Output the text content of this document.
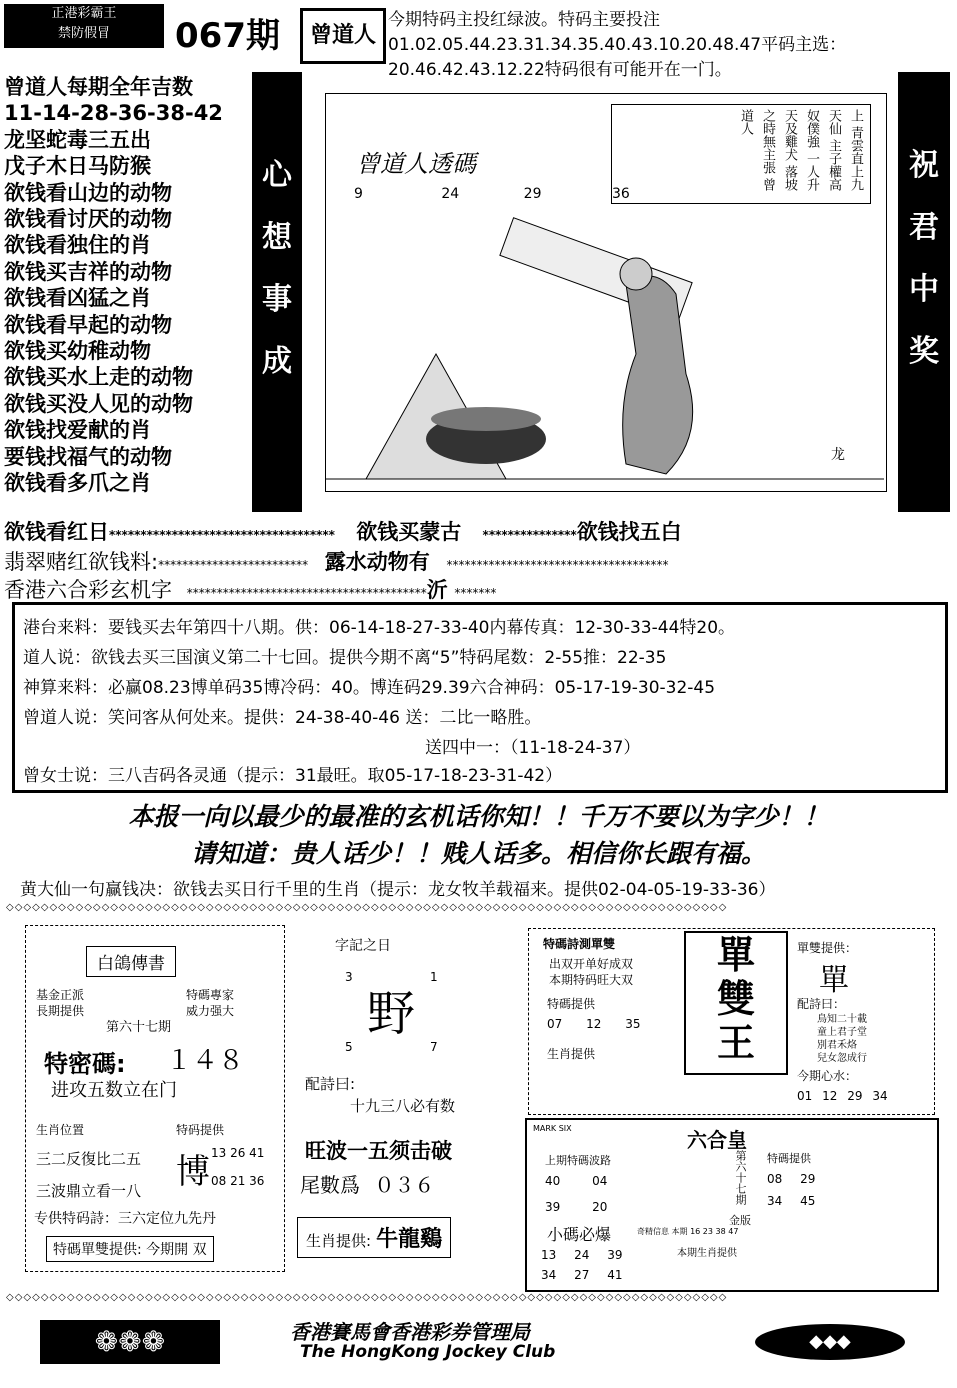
正港彩霸王
禁防假冒	067期	曾道人
今期特码主投红绿波。特码主要投注01.02.05.44.23.31.34.35.40.43.10.20.48.47平码主选：20.46.42.43.12.22特码很有可能开在一门。
曾道人每期全年吉数
11-14-28-36-38-42
龙坚蛇毒三五出
戊子木日马防猴
欲钱看山边的动物
欲钱看讨厌的动物
欲钱看独住的肖
欲钱买吉祥的动物
欲钱看凶猛之肖
欲钱看早起的动物
欲钱买幼稚动物
欲钱买水上走的动物
欲钱买没人见的动物
欲钱找爱献的肖
要钱找福气的动物
欲钱看多爪之肖
心
想
事
成
祝
君
中
奖
曾道人透碼
9	24	29	36
上 青雲直上九天仙 主子權高奴僕強 一人升天及雞犬 落坡之時無主張 曾道人
龙
欲钱看红日************************************ 欲钱买蒙古 ***************欲钱找五白
翡翠赌红欲钱料:************************* 露水动物有 *************************************
香港六合彩玄机字 ****************************************沂 *******
港台来料：要钱买去年第四十八期。供：06-14-18-27-33-40内幕传真：12-30-33-44特20。
道人说：欲钱去买三国演义第二十七回。提供今期不离“5”特码尾数：2-55推：22-35
神算来料：必赢08.23博单码35博冷码：40。博连码29.39六合神码：05-17-19-30-32-45
曾道人说：笑问客从何处来。提供：24-38-40-46 送：二比一略胜。
送四中一：（11-18-24-37）
曾女士说：三八吉码各灵通（提示：31最旺。取05-17-18-23-31-42）
本报一向以最少的最准的玄机话你知！！千万不要以为字少！！
请知道：贵人话少！！贱人话多。相信你长跟有福。
黄大仙一句赢钱决：欲钱去买日行千里的生肖（提示：龙女牧羊载福来。提供02-04-05-19-33-36）
◇◇◇◇◇◇◇◇◇◇◇◇◇◇◇◇◇◇◇◇◇◇◇◇◇◇◇◇◇◇◇◇◇◇◇◇◇◇◇◇◇◇◇◇◇◇◇◇◇◇◇◇◇◇◇◇◇◇◇◇◇◇◇◇◇◇◇◇◇◇◇◇◇◇◇◇◇◇◇◇◇◇◇
白鴿傳書
基金正派
長期提供
特碼專家
威力强大
第六十七期
特密碼: １４８
进攻五数立在门
生肖位置
三二反復比二五
三波鼎立看一八
特码提供
博 13 26 41
08 21 36
专供特码詩：三六定位九先丹
特碼單雙提供: 今期開 双
字記之日
3	1
野
5	7
配詩曰:
十九三八必有数
旺波一五须击破
尾數爲 ０３６
生肖提供: 牛龍鷄
特碼詩測單雙
出双开单好成双
本期特码旺大双
特碼提供
07 12 35
生肖提供
單
雙
王
單雙提供：
單
配詩曰：
鳥知二十載
童上君子堂
別君禾烙
兒女忽成行
今期心水：
01 12 29 34
六合皇
MARK SIX
上期特碼波路
40	04
39	20
第六十七期
金版
特碼提供
08 29
34 45
小碼必爆	奇精信息 本期 16 23 38 47
本期生肖提供
13 24 39
34 27 41
◇◇◇◇◇◇◇◇◇◇◇◇◇◇◇◇◇◇◇◇◇◇◇◇◇◇◇◇◇◇◇◇◇◇◇◇◇◇◇◇◇◇◇◇◇◇◇◇◇◇◇◇◇◇◇◇◇◇◇◇◇◇◇◇◇◇◇◇◇◇◇◇◇◇◇◇◇◇◇◇◇◇◇
❁❁❁	香港賽馬會香港彩券管理局
The HongKong Jockey Club	◆◆◆
